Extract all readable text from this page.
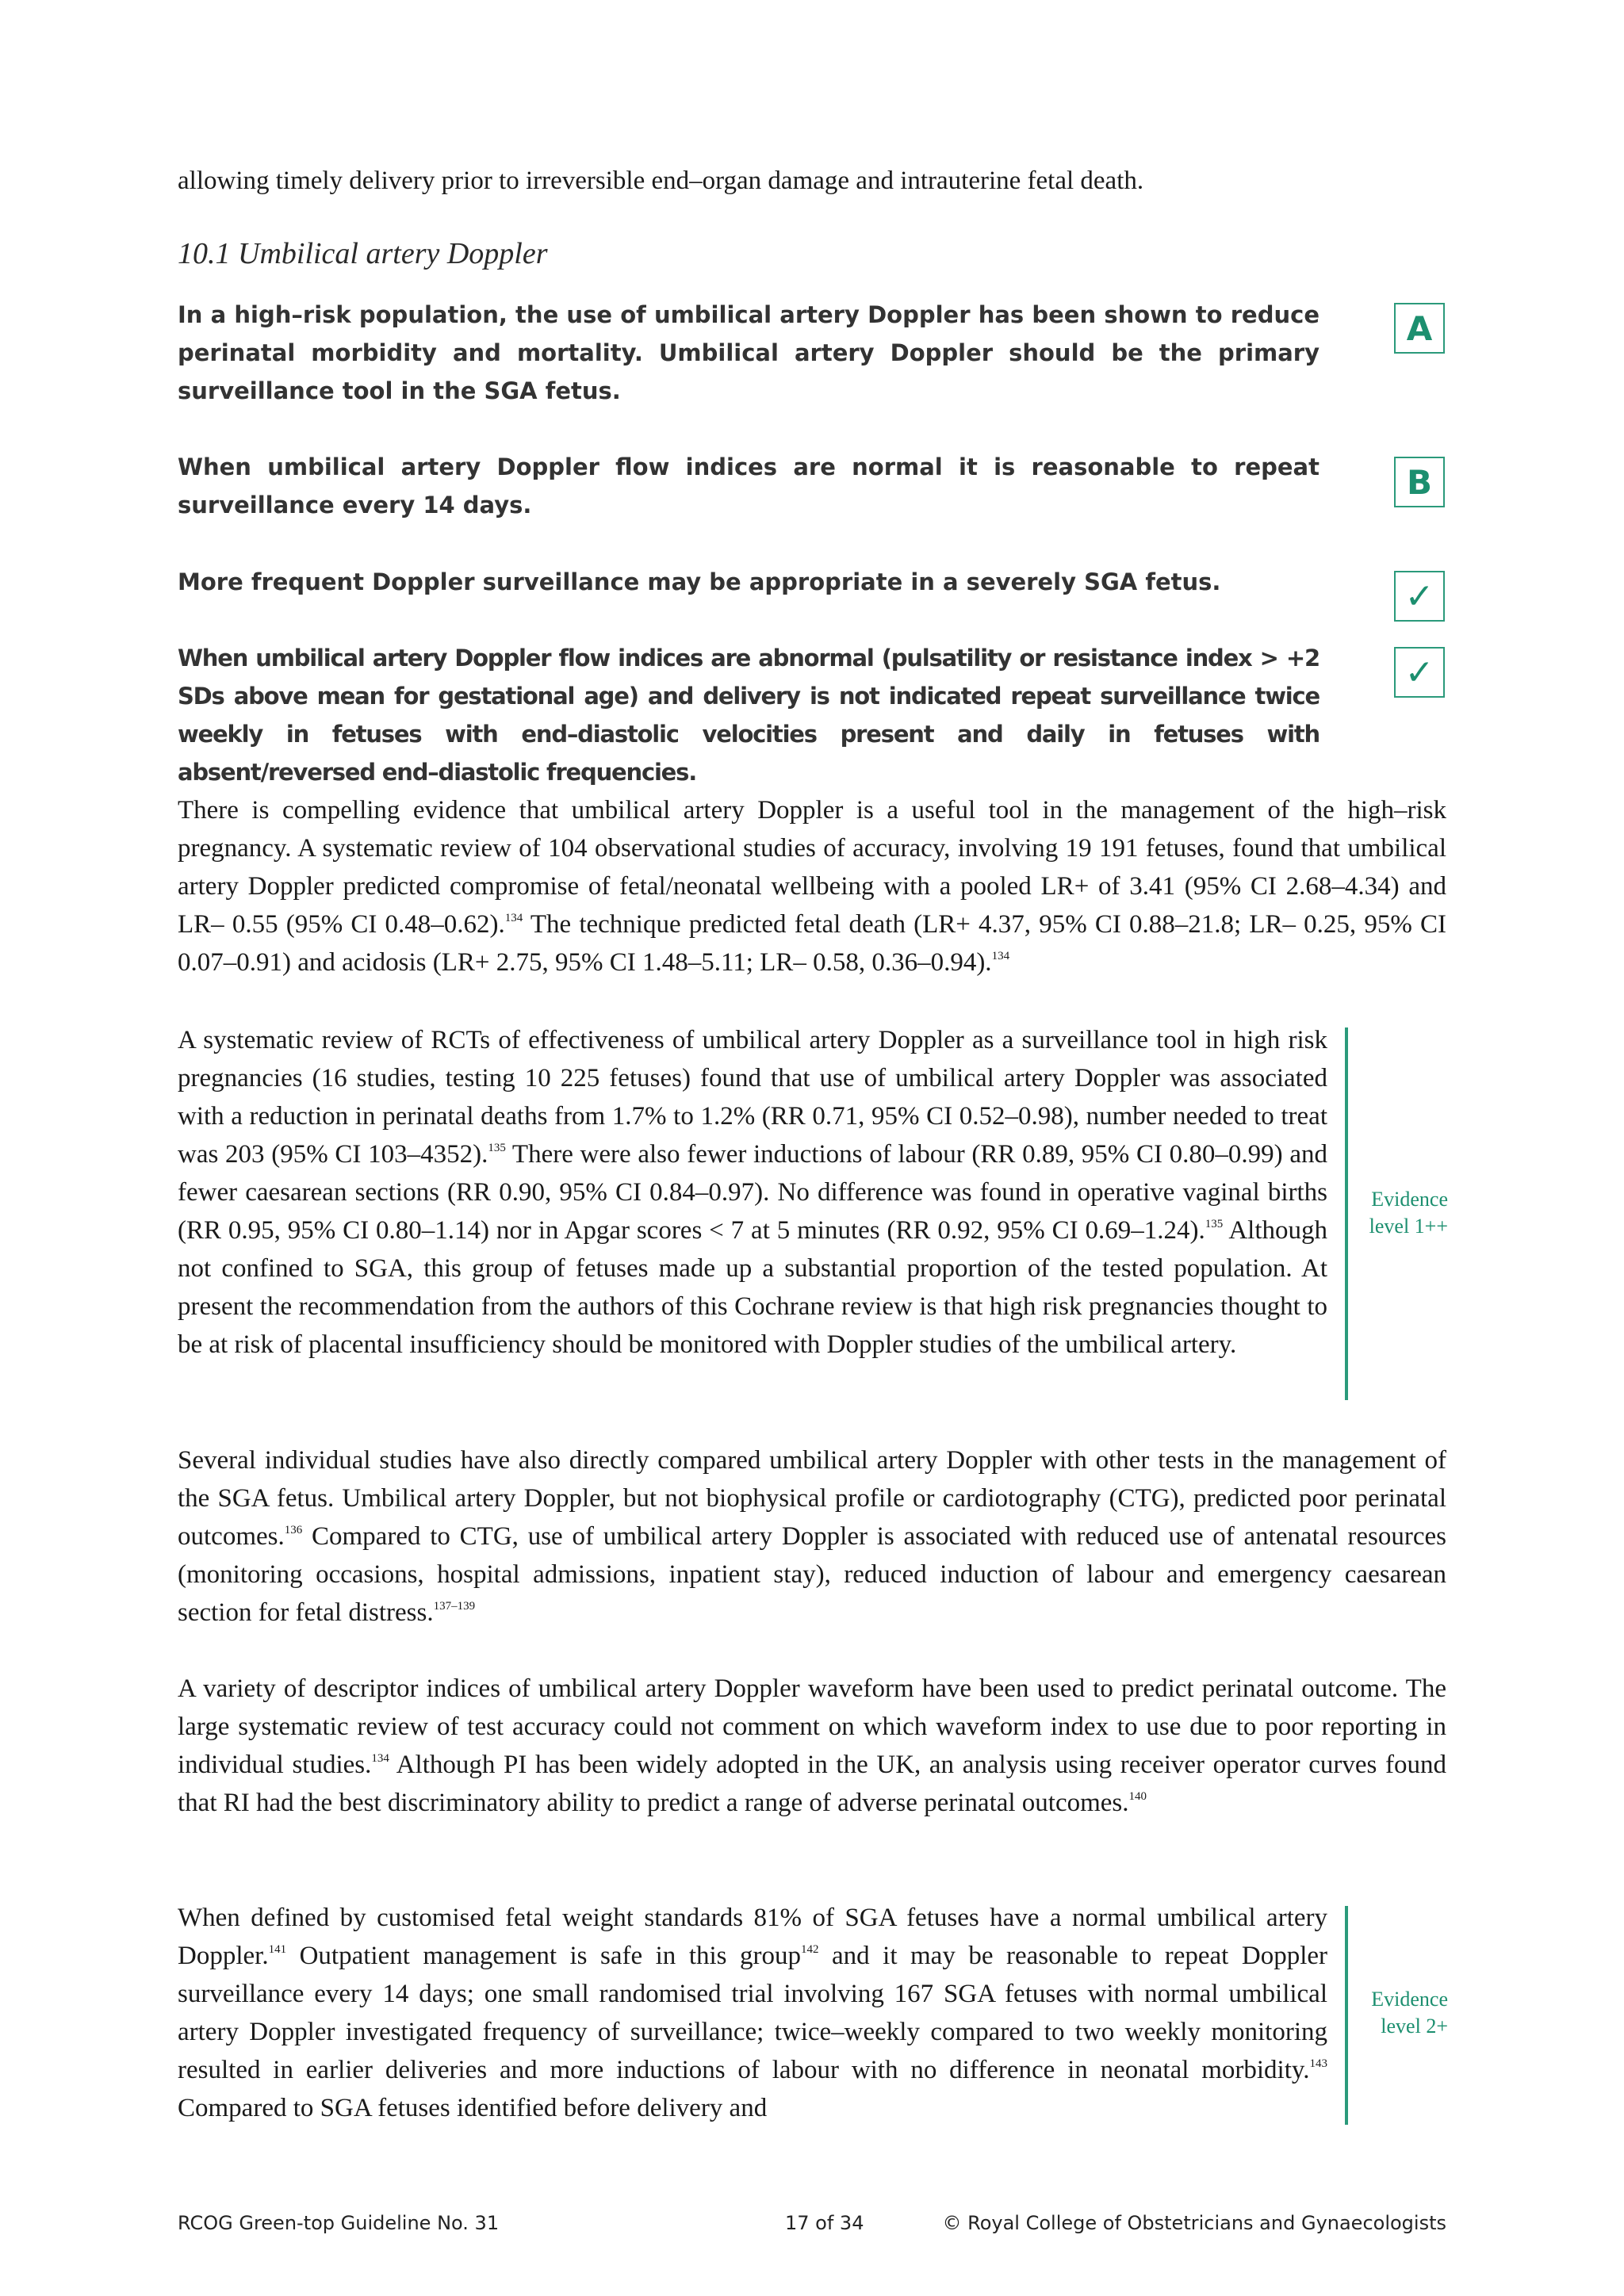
allowing timely delivery prior to irreversible end–organ damage and intrauterine fetal death.

10.1 Umbilical artery Doppler

In a high–risk population, the use of umbilical artery Doppler has been shown to reduce perinatal morbidity and mortality. Umbilical artery Doppler should be the primary surveillance tool in the SGA fetus.

A

When umbilical artery Doppler flow indices are normal it is reasonable to repeat surveillance every 14 days.

B

More frequent Doppler surveillance may be appropriate in a severely SGA fetus.	✓

When umbilical artery Doppler flow indices are abnormal (pulsatility or resistance index > +2 SDs above mean for gestational age) and delivery is not indicated repeat surveillance twice weekly in fetuses with end–diastolic velocities present and daily in fetuses with absent/reversed end–diastolic frequencies.

✓

There is compelling evidence that umbilical artery Doppler is a useful tool in the management of the high–risk pregnancy. A systematic review of 104 observational studies of accuracy, involving 19 191 fetuses, found that umbilical artery Doppler predicted compromise of fetal/neonatal wellbeing with a pooled LR+ of 3.41 (95% CI 2.68–4.34) and LR– 0.55 (95% CI 0.48–0.62).$^{134}$ The technique predicted fetal death (LR+ 4.37, 95% CI 0.88–21.8; LR– 0.25, 95% CI 0.07–0.91) and acidosis (LR+ 2.75, 95% CI 1.48–5.11; LR– 0.58, 0.36–0.94).$^{134}$

A systematic review of RCTs of effectiveness of umbilical artery Doppler as a surveillance tool in high risk pregnancies (16 studies, testing 10 225 fetuses) found that use of umbilical artery Doppler was associated with a reduction in perinatal deaths from 1.7% to 1.2% (RR 0.71, 95% CI 0.52–0.98), number needed to treat was 203 (95% CI 103–4352).$^{135}$ There were also fewer inductions of labour (RR 0.89, 95% CI 0.80–0.99) and fewer caesarean sections (RR 0.90, 95% CI 0.84–0.97). No difference was found in operative vaginal births (RR 0.95, 95% CI 0.80–1.14) nor in Apgar scores < 7 at 5 minutes (RR 0.92, 95% CI 0.69–1.24).$^{135}$ Although not confined to SGA, this group of fetuses made up a substantial proportion of the tested population. At present the recommendation from the authors of this Cochrane review is that high risk pregnancies thought to be at risk of placental insufficiency should be monitored with Doppler studies of the umbilical artery.

Evidence
level 1++

Several individual studies have also directly compared umbilical artery Doppler with other tests in the management of the SGA fetus. Umbilical artery Doppler, but not biophysical profile or cardiotography (CTG), predicted poor perinatal outcomes.$^{136}$ Compared to CTG, use of umbilical artery Doppler is associated with reduced use of antenatal resources (monitoring occasions, hospital admissions, inpatient stay), reduced induction of labour and emergency caesarean section for fetal distress.$^{137-139}$

A variety of descriptor indices of umbilical artery Doppler waveform have been used to predict perinatal outcome. The large systematic review of test accuracy could not comment on which waveform index to use due to poor reporting in individual studies.$^{134}$ Although PI has been widely adopted in the UK, an analysis using receiver operator curves found that RI had the best discriminatory ability to predict a range of adverse perinatal outcomes.$^{140}$

When defined by customised fetal weight standards 81% of SGA fetuses have a normal umbilical artery Doppler.$^{141}$ Outpatient management is safe in this group$^{142}$ and it may be reasonable to repeat Doppler surveillance every 14 days; one small randomised trial involving 167 SGA fetuses with normal umbilical artery Doppler investigated frequency of surveillance; twice–weekly compared to two weekly monitoring resulted in earlier deliveries and more inductions of labour with no difference in neonatal morbidity.$^{143}$ Compared to SGA fetuses identified before delivery and

Evidence
level 2+

RCOG Green-top Guideline No. 31	17 of 34	© Royal College of Obstetricians and Gynaecologists
